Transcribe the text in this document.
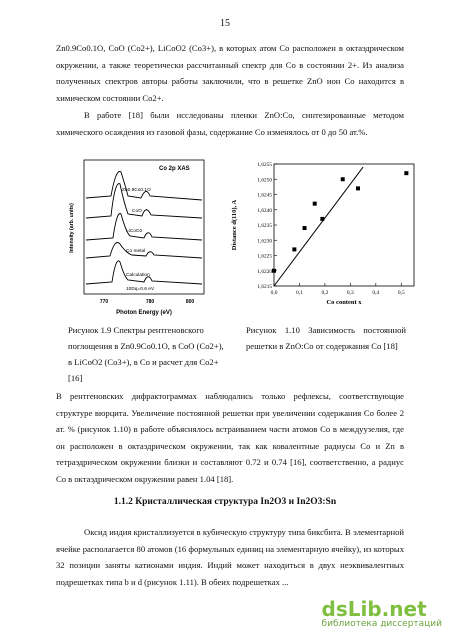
15

Zn0.9Co0.1O, CoO (Co2+), LiCoO2 (Co3+), в которых атом Co расположен в октаэдрическом окружении, а также теоретически рассчитанный спектр для Co в состоянии 2+. Из анализа полученных спектров авторы работы заключили, что в решетке ZnO ион Co находится в химическом состоянии Co2+.

В работе [18] были исследованы пленки ZnO:Co, синтезированные методом химического осаждения из газовой фазы, содержание Co изменялось от 0 до 50 ат.%.

Co 2p XAS
Intensity (arb. units)
Zn0.9Co0.1O
CoO
LiCoO2
Co metal
Calculation
10Dq=0.6 eV
770	780	800
Photon Energy (eV)
1,6215
1,6220
1,6225
1,6230
1,6235
1,6240
1,6245
1,6250
1,6255
0,0	0,1	0,2	0,3	0,4	0,5
Distance d(110), A
Co content x

Рисунок 1.9 Спектры рентгеновского поглощения в Zn0.9Co0.1O, в CoO (Co2+), в LiCoO2 (Co3+), в Co и расчет для Co2+[16]

Рисунок 1.10 Зависимость постоянной решетки в ZnO:Co от содержания Co [18]

В рентгеновских дифрактограммах наблюдались только рефлексы, соответствующие структуре вюрцита. Увеличение постоянной решетки при увеличении содержания Co более 2 ат. % (рисунок 1.10) в работе объяснялось встраиванием части атомов Co в междуузелия, где он расположен в октаэдрическом окружении, так как ковалентные радиусы Co и Zn в тетраэдрическом окружении близки и составляют 0.72 и 0.74 [16], соответственно, а радиус Co в октаэдрическом окружении равен 1.04 [18].

1.1.2 Кристаллическая структура In2O3 и In2O3:Sn

Оксид индия кристаллизуется в кубическую структуру типа биксбита. В элементарной ячейке располагается 80 атомов (16 формульных единиц на элементарную ячейку), из которых 32 позиции заняты катионами индия. Индий может находиться в двух неэквивалентных подрешетках типа b и d (рисунок 1.11). В обеих подрешетках ...

dsLib.net
библиотека диссертаций
